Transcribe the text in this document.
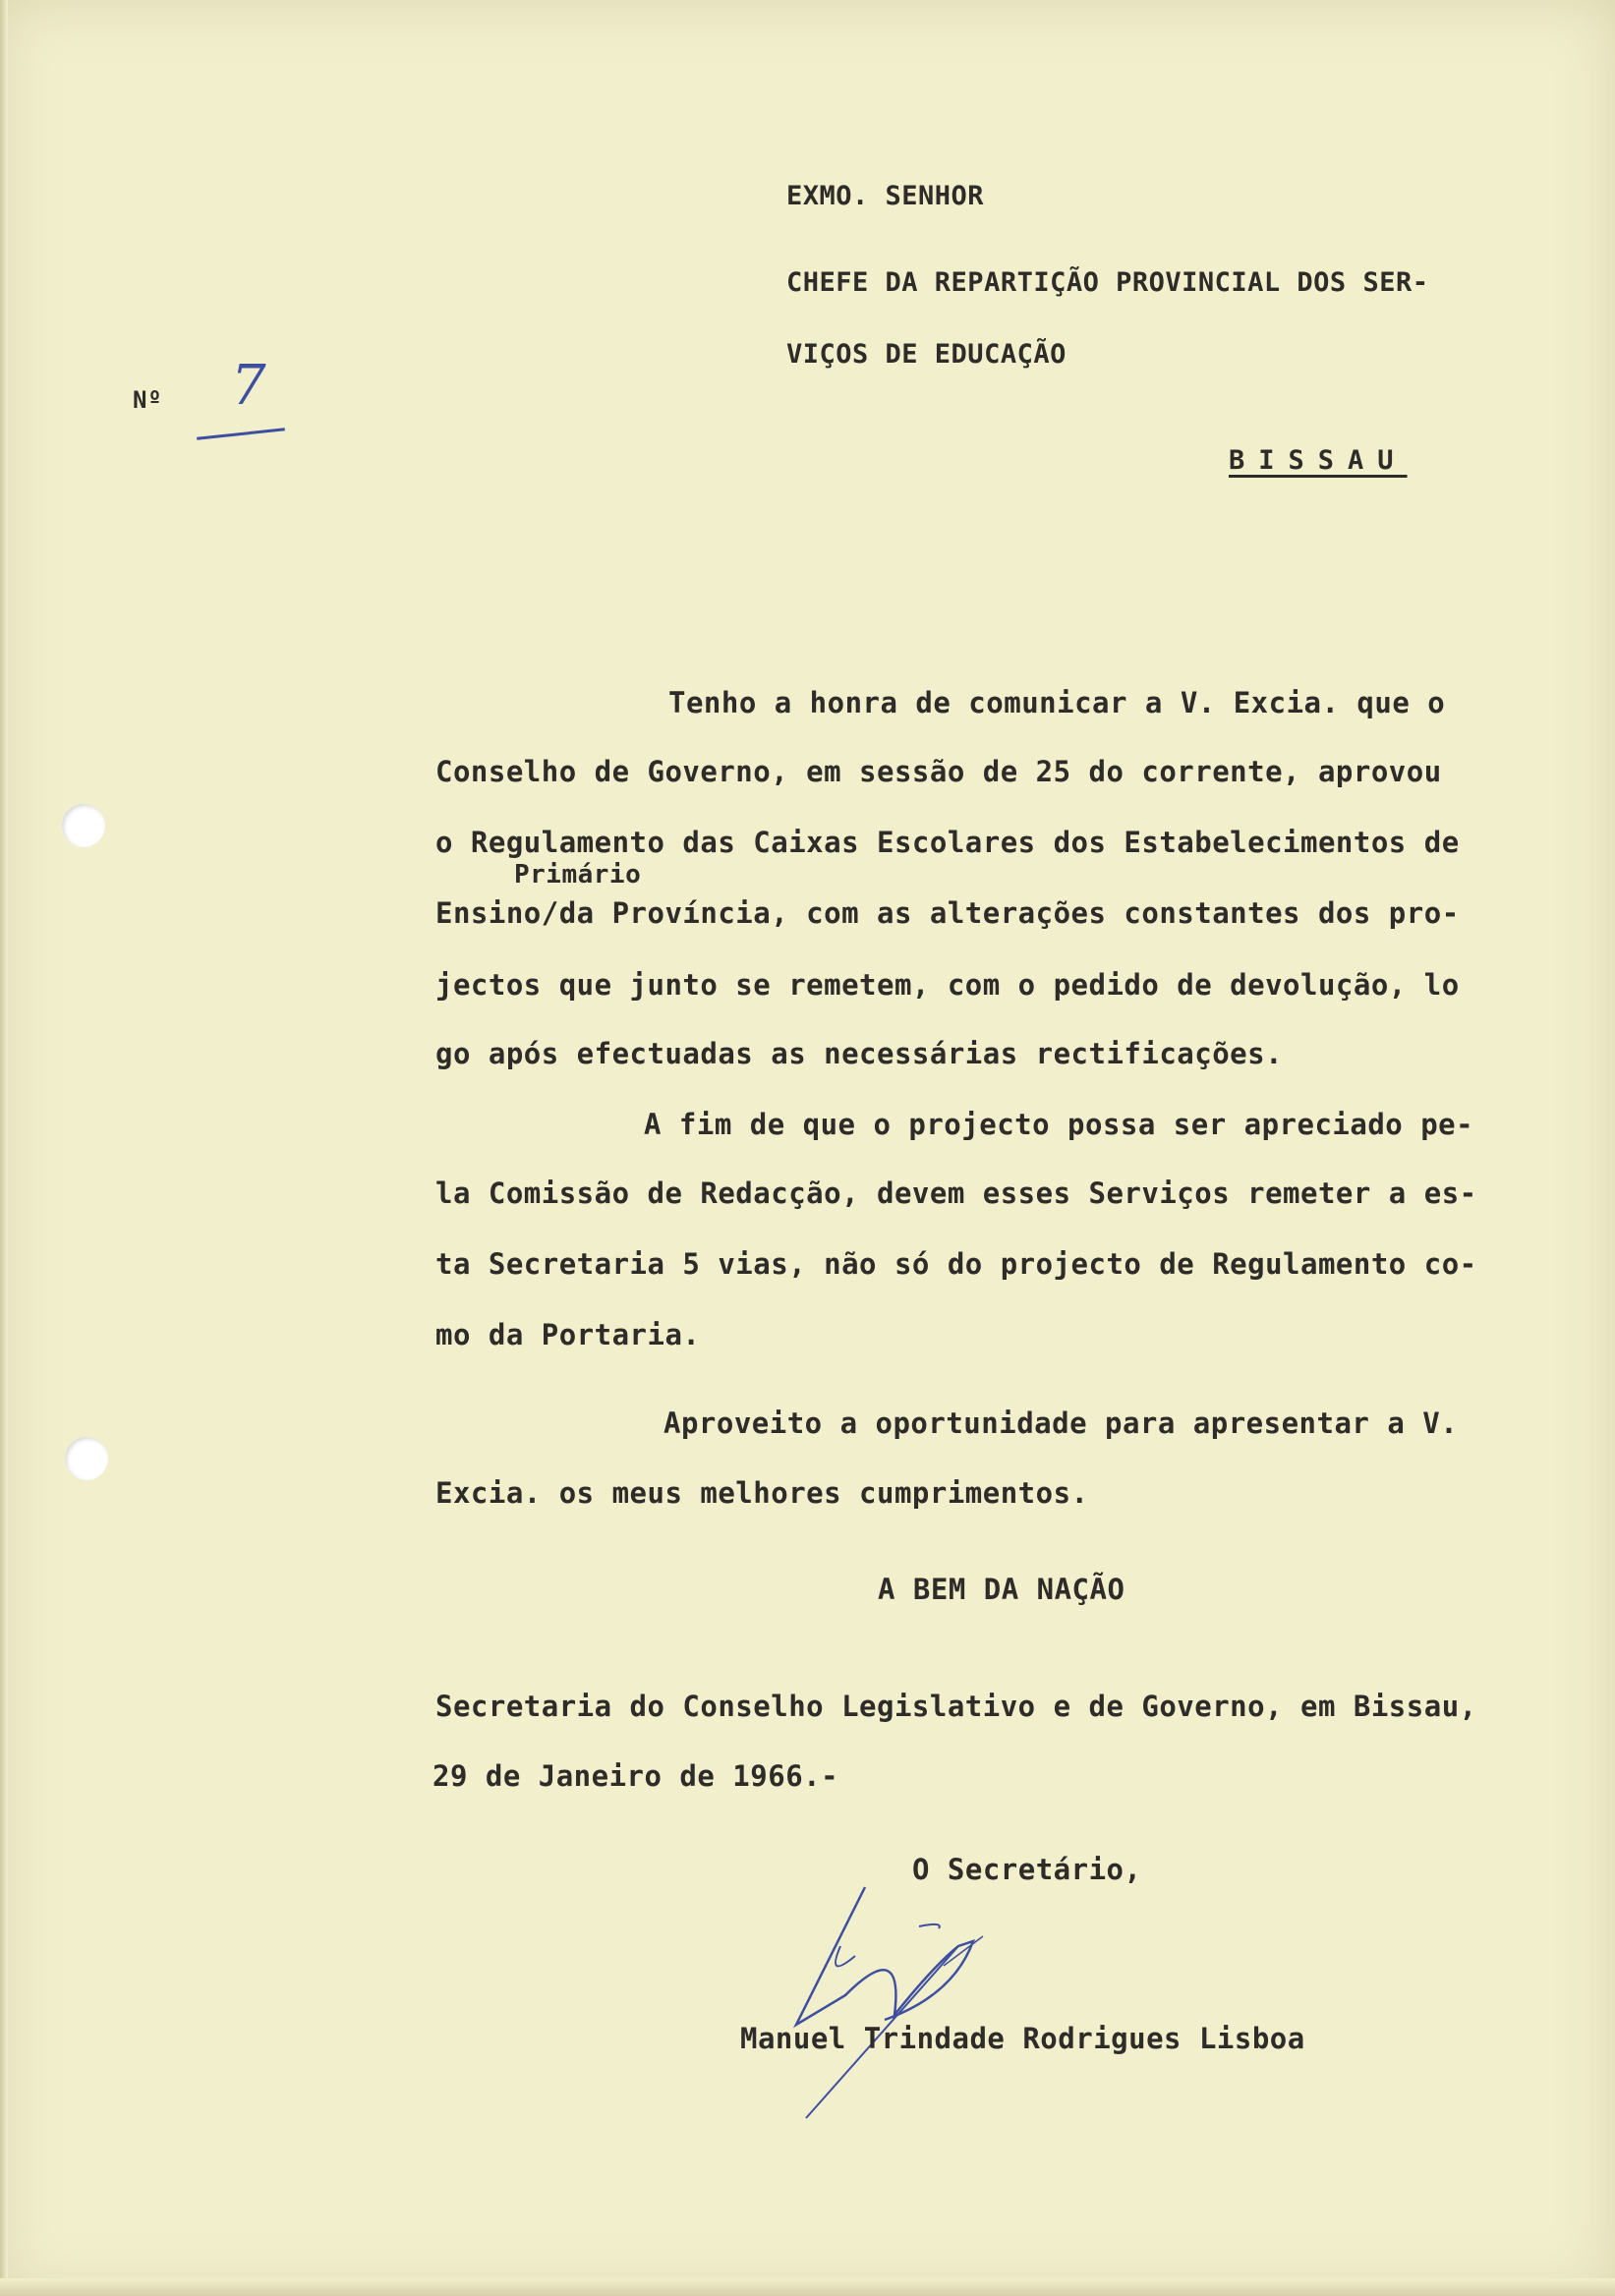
EXMO. SENHOR
CHEFE DA REPARTIÇÃO PROVINCIAL DOS SER-
VIÇOS DE EDUCAÇÃO
BISSAU
Nº 7
Tenho a honra de comunicar a V. Excia. que o
Conselho de Governo, em sessão de 25 do corrente, aprovou
o Regulamento das Caixas Escolares dos Estabelecimentos de
Primário
Ensino/da Província, com as alterações constantes dos pro-
jectos que junto se remetem, com o pedido de devolução, lo
go após efectuadas as necessárias rectificações.
A fim de que o projecto possa ser apreciado pe-
la Comissão de Redacção, devem esses Serviços remeter a es-
ta Secretaria 5 vias, não só do projecto de Regulamento co-
mo da Portaria.
Aproveito a oportunidade para apresentar a V.
Excia. os meus melhores cumprimentos.
A BEM DA NAÇÃO
Secretaria do Conselho Legislativo e de Governo, em Bissau,
29 de Janeiro de 1966.-
O Secretário,
Manuel Trindade Rodrigues Lisboa
